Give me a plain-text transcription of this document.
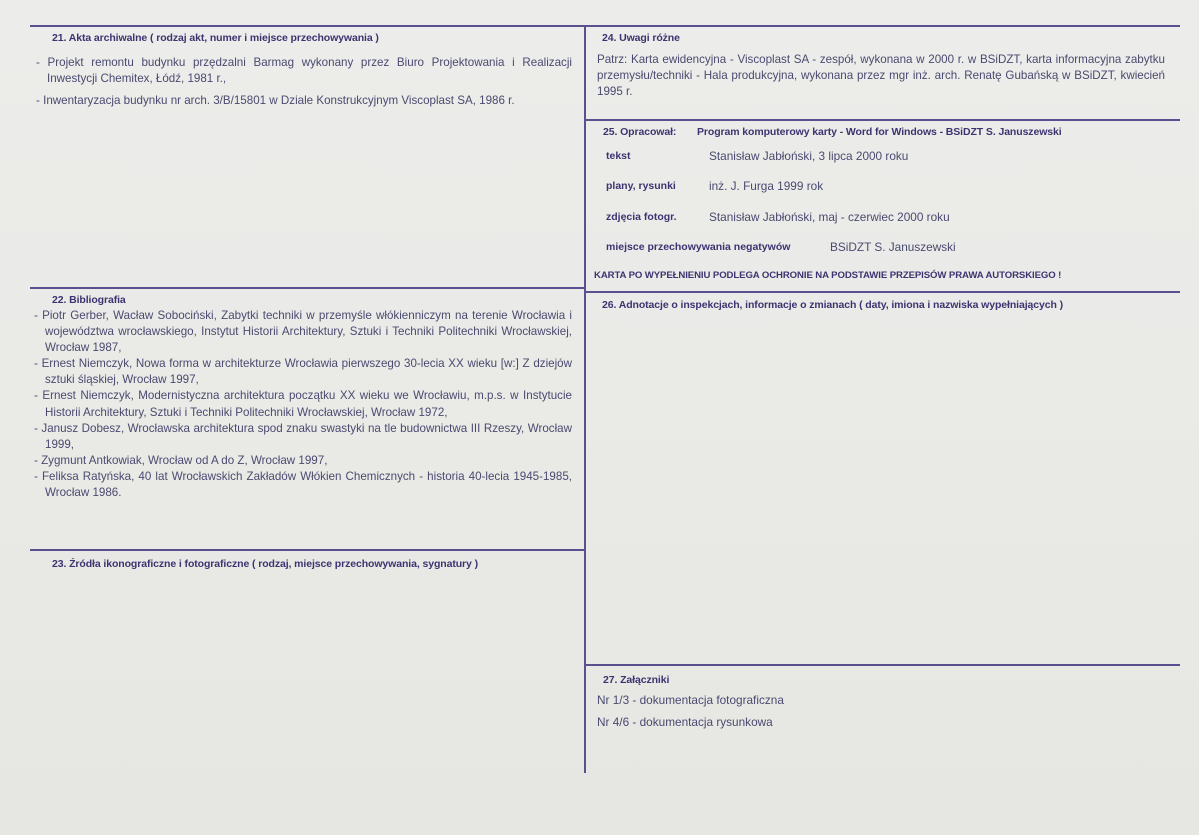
21. Akta archiwalne ( rodzaj akt, numer i miejsce przechowywania )
- Projekt remontu budynku przędzalni Barmag wykonany przez Biuro Projektowania i Realizacji Inwestycji Chemitex, Łódź, 1981 r.,
- Inwentaryzacja budynku nr arch. 3/B/15801 w Dziale Konstrukcyjnym Viscoplast SA, 1986 r.
22. Bibliografia
- Piotr Gerber, Wacław Sobociński, Zabytki techniki w przemyśle włókienniczym na terenie Wrocławia i województwa wrocławskiego, Instytut Historii Architektury, Sztuki i Techniki Politechniki Wrocławskiej, Wrocław 1987,
- Ernest Niemczyk, Nowa forma w architekturze Wrocławia pierwszego 30-lecia XX wieku [w:] Z dziejów sztuki śląskiej, Wrocław 1997,
- Ernest Niemczyk, Modernistyczna architektura początku XX wieku we Wrocławiu, m.p.s. w Instytucie Historii Architektury, Sztuki i Techniki Politechniki Wrocławskiej, Wrocław 1972,
- Janusz Dobesz, Wrocławska architektura spod znaku swastyki na tle budownictwa III Rzeszy, Wrocław 1999,
- Zygmunt Antkowiak, Wrocław od A do Z, Wrocław 1997,
- Feliksa Ratyńska, 40 lat Wrocławskich Zakładów Włókien Chemicznych - historia 40-lecia 1945-1985, Wrocław 1986.
23. Źródła ikonograficzne i fotograficzne ( rodzaj, miejsce przechowywania, sygnatury )
24. Uwagi różne

Patrz: Karta ewidencyjna - Viscoplast SA - zespół, wykonana w 2000 r. w BSiDZT, karta informacyjna zabytku przemysłu/techniki - Hala produkcyjna, wykonana przez mgr inż. arch. Renatę Gubańską w BSiDZT, kwiecień 1995 r.

25. Opracował: Program komputerowy karty - Word for Windows - BSiDZT S. Januszewski
tekst	Stanisław Jabłoński, 3 lipca 2000 roku
plany, rysunki	inż. J. Furga 1999 rok
zdjęcia fotogr.	Stanisław Jabłoński, maj - czerwiec 2000 roku
miejsce przechowywania negatywów	BSiDZT S. Januszewski
KARTA PO WYPEŁNIENIU PODLEGA OCHRONIE NA PODSTAWIE PRZEPISÓW PRAWA AUTORSKIEGO !
26. Adnotacje o inspekcjach, informacje o zmianach ( daty, imiona i nazwiska wypełniających )
27. Załączniki
Nr 1/3 - dokumentacja fotograficzna
Nr 4/6 - dokumentacja rysunkowa
